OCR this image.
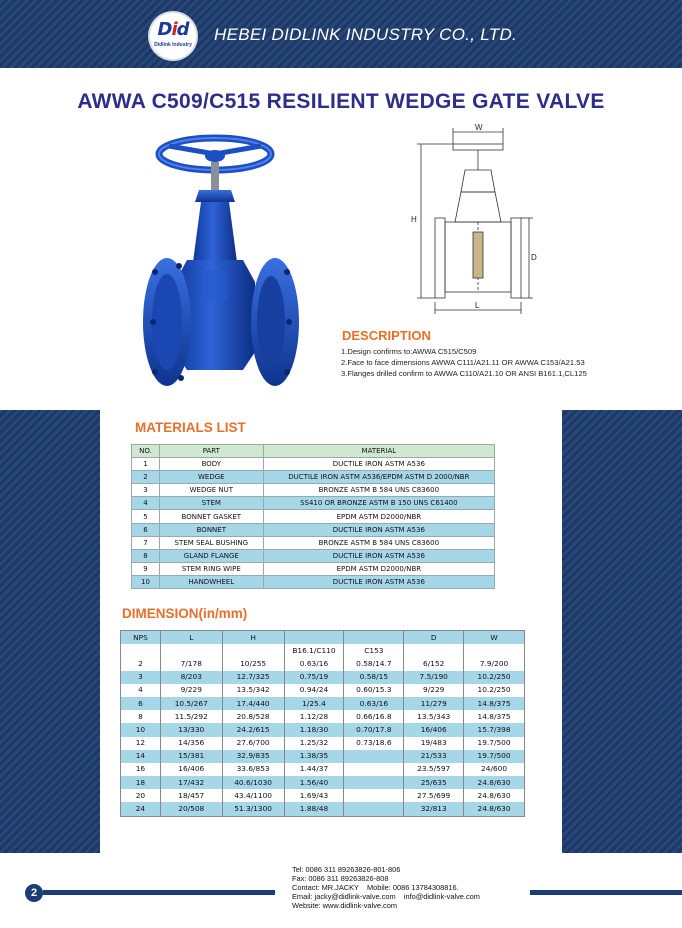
Did
Didlink Industry
HEBEI DIDLINK INDUSTRY CO., LTD.
AWWA C509/C515 RESILIENT WEDGE GATE VALVE
W
H
D
L
DESCRIPTION
1.Design confirms to:AWWA C515/C509
2.Face to face dimensions AWWA C111/A21.11 OR AWWA C153/A21.53
3.Flanges drilled confirm to AWWA C110/A21.10 OR ANSI B161.1,CL125
MATERIALS LIST
NO.	PART	MATERIAL
1	BODY	DUCTILE IRON ASTM A536
2	WEDGE	DUCTILE IRON ASTM A536/EPDM ASTM D 2000/NBR
3	WEDGE NUT	BRONZE ASTM B 584 UNS C83600
4	STEM	SS410 OR BRONZE ASTM B 150 UNS C61400
5	BONNET GASKET	EPDM ASTM D2000/NBR
6	BONNET	DUCTILE IRON ASTM A536
7	STEM SEAL BUSHING	BRONZE ASTM B 584 UNS C83600
8	GLAND FLANGE	DUCTILE IRON ASTM A536
9	STEM RING WIPE	EPDM ASTM D2000/NBR
10	HANDWHEEL	DUCTILE IRON ASTM A536
DIMENSION(in/mm)
NPS	L	H			D	W
			B16.1/C110	C153		
2	7/178	10/255	0.63/16	0.58/14.7	6/152	7.9/200
3	8/203	12.7/325	0.75/19	0.58/15	7.5/190	10.2/250
4	9/229	13.5/342	0.94/24	0.60/15.3	9/229	10.2/250
6	10.5/267	17.4/440	1/25.4	0.63/16	11/279	14.8/375
8	11.5/292	20.8/528	1.12/28	0.66/16.8	13.5/343	14.8/375
10	13/330	24.2/615	1.18/30	0.70/17.8	16/406	15.7/398
12	14/356	27.6/700	1.25/32	0.73/18.6	19/483	19.7/500
14	15/381	32.9/835	1.38/35		21/533	19.7/500
16	16/406	33.6/853	1.44/37		23.5/597	24/600
18	17/432	40.6/1030	1.56/40		25/635	24.8/630
20	18/457	43.4/1100	1.69/43		27.5/699	24.8/630
24	20/508	51.3/1300	1.88/48		32/813	24.8/630
2
Tel: 0086 311 89263826-801-806
Fax: 0086 311 89263826-808
Contact: MR.JACKY    Mobile: 0086 13784308816.
Email: jacky@didlink-valve.com    info@didlink-valve.com
Website: www.didlink-valve.com
